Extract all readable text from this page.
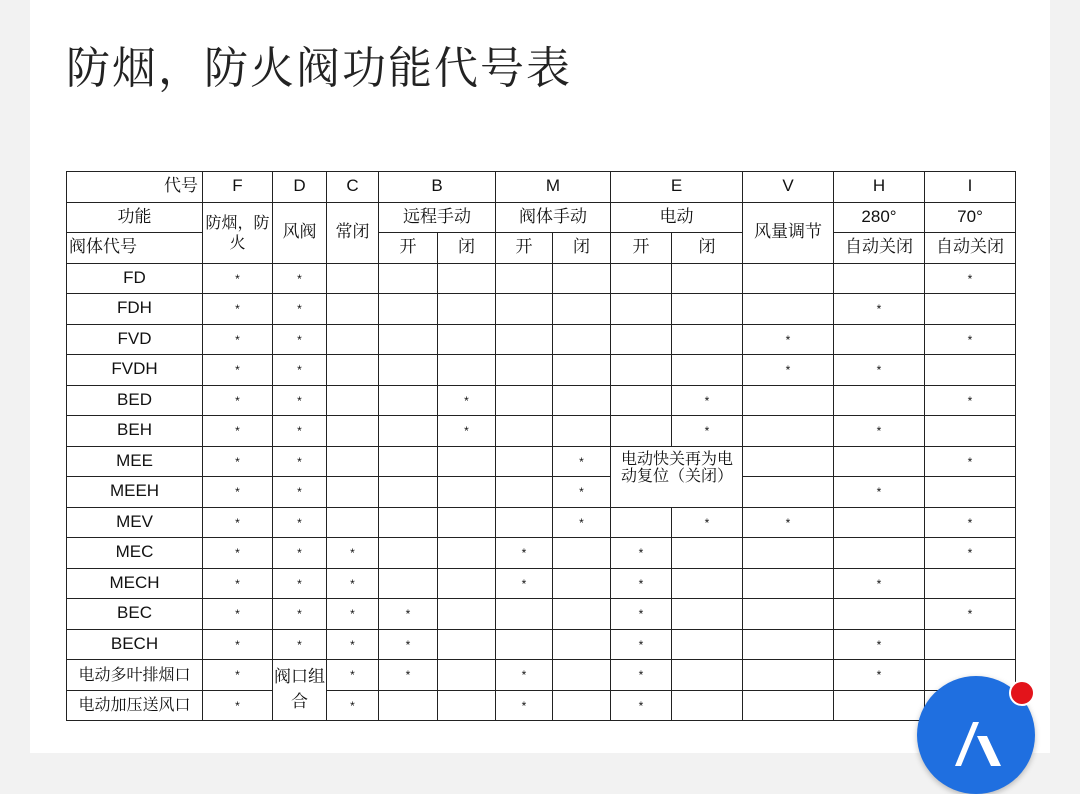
防烟，防火阀功能代号表
代号	F	D	C	B		M		E		V	H	I
功能	防烟，防火	风阀	常闭	远程手动		阀体手动		电动		风量调节	280°	70°
阀体代号				开	闭	开	闭	开	闭		自动关闭	自动关闭
FD	*	*										*
FDH	*	*									*	
FVD	*	*								*		*
FVDH	*	*								*	*	
BED	*	*			*				*			*
BEH	*	*			*				*		*	
MEE	*	*					*	电动快关再为电动复位（关闭）				*
MEEH	*	*					*				*	
MEV	*	*					*		*	*		*
MEC	*	*	*			*		*				*
MECH	*	*	*			*		*			*	
BEC	*	*	*	*				*				*
BECH	*	*	*	*				*			*	
电动多叶排烟口	*	阀口组合	*	*		*		*			*	
电动加压送风口	*		*			*		*				
